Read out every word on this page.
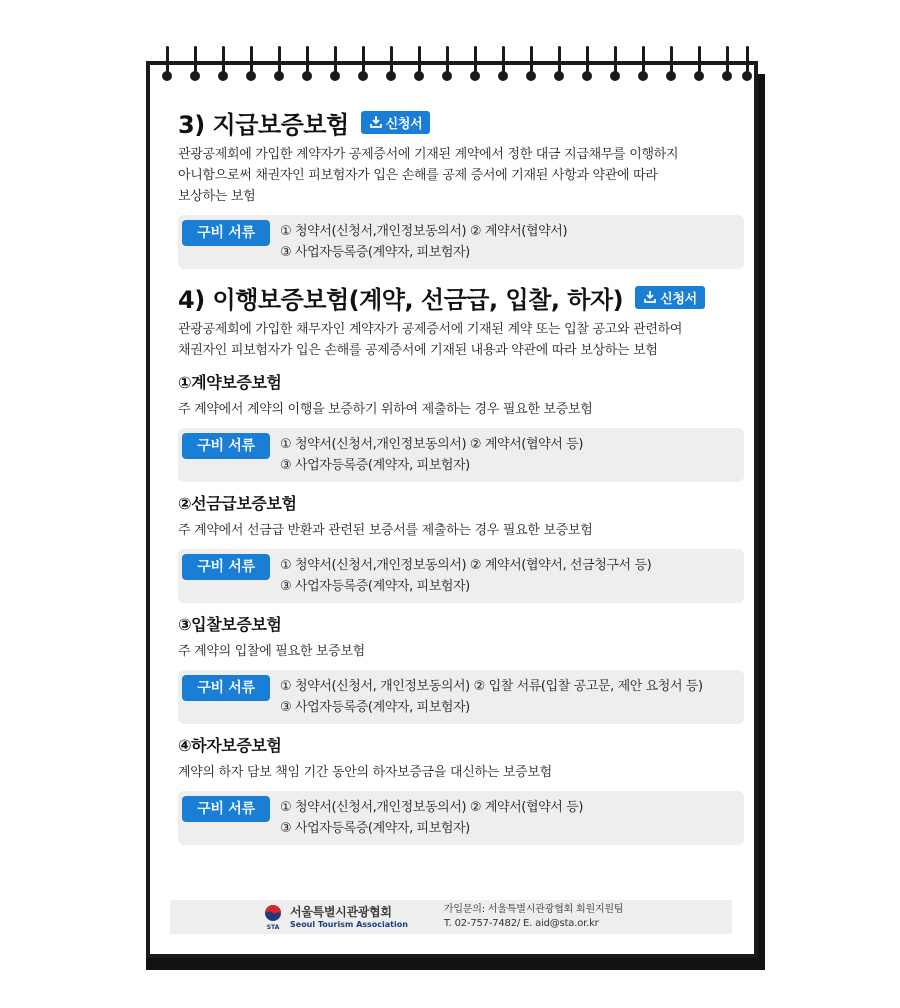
3) 지급보증보험	신청서
관광공제회에 가입한 계약자가 공제증서에 기재된 계약에서 정한 대금 지급채무를 이행하지
아니함으로써 채권자인 피보험자가 입은 손해를 공제 증서에 기재된 사항과 약관에 따라
보상하는 보험
구비 서류	① 청약서(신청서,개인정보동의서) ② 계약서(협약서)
③ 사업자등록증(계약자, 피보험자)
4) 이행보증보험(계약, 선금급, 입찰, 하자)	신청서
관광공제회에 가입한 채무자인 계약자가 공제증서에 기재된 계약 또는 입찰 공고와 관련하여
채권자인 피보험자가 입은 손해를 공제증서에 기재된 내용과 약관에 따라 보상하는 보험
①계약보증보험
주 계약에서 계약의 이행을 보증하기 위하여 제출하는 경우 필요한 보증보험
구비 서류	① 청약서(신청서,개인정보동의서) ② 계약서(협약서 등)
③ 사업자등록증(계약자, 피보험자)
②선금급보증보험
주 계약에서 선금급 반환과 관련된 보증서를 제출하는 경우 필요한 보증보험
구비 서류	① 청약서(신청서,개인정보동의서) ② 계약서(협약서, 선금청구서 등)
③ 사업자등록증(계약자, 피보험자)
③입찰보증보험
주 계약의 입찰에 필요한 보증보험
구비 서류	① 청약서(신청서, 개인정보동의서) ② 입찰 서류(입찰 공고문, 제안 요청서 등)
③ 사업자등록증(계약자, 피보험자)
④하자보증보험
계약의 하자 담보 책임 기간 동안의 하자보증금을 대신하는 보증보험
구비 서류	① 청약서(신청서,개인정보동의서) ② 계약서(협약서 등)
③ 사업자등록증(계약자, 피보험자)
STA
서울특별시관광협회
Seoul Tourism Association
가입문의: 서울특별시관광협회 회원지원팀
T. 02-757-7482/ E. aid@sta.or.kr
